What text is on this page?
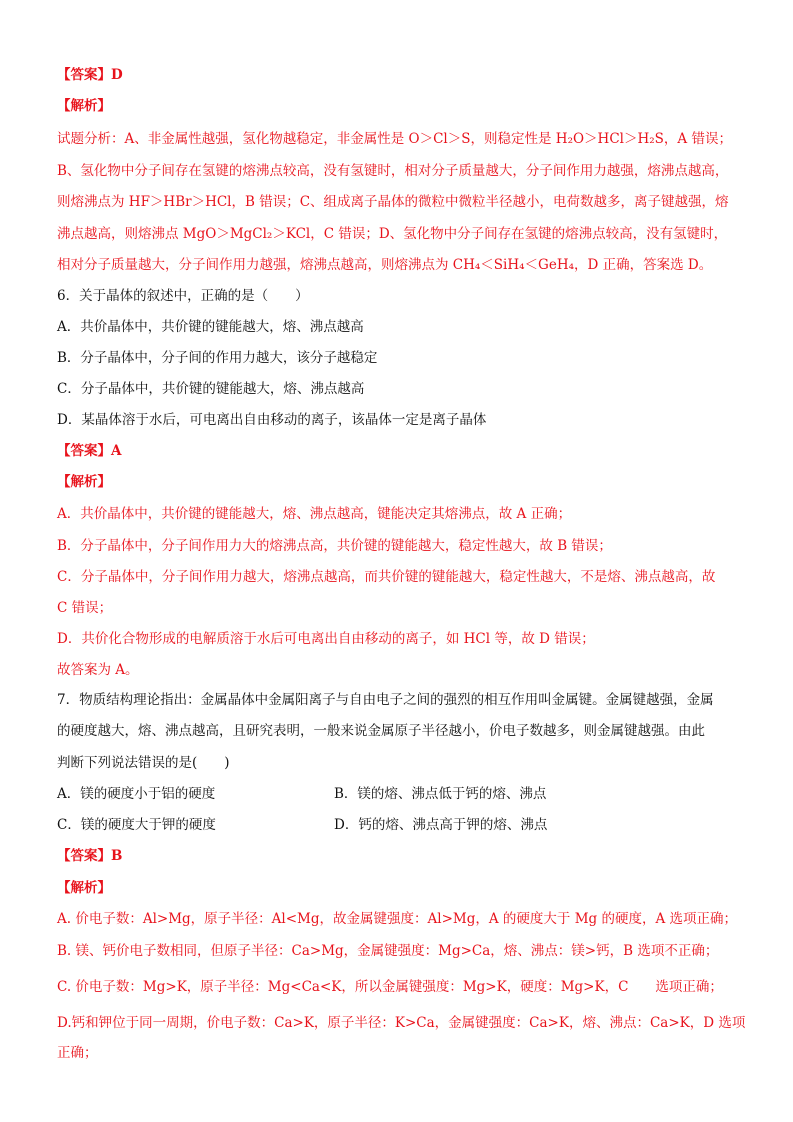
【答案】D
【解析】
试题分析：A、非金属性越强，氢化物越稳定，非金属性是 O＞Cl＞S，则稳定性是 H₂O＞HCl＞H₂S，A 错误；
B、氢化物中分子间存在氢键的熔沸点较高，没有氢键时，相对分子质量越大，分子间作用力越强，熔沸点越高，
则熔沸点为 HF＞HBr＞HCl，B 错误；C、组成离子晶体的微粒中微粒半径越小，电荷数越多，离子键越强，熔
沸点越高，则熔沸点 MgO＞MgCl₂＞KCl，C 错误；D、氢化物中分子间存在氢键的熔沸点较高，没有氢键时，
相对分子质量越大，分子间作用力越强，熔沸点越高，则熔沸点为 CH₄＜SiH₄＜GeH₄，D 正确，答案选 D。
6．关于晶体的叙述中，正确的是（　　）
A．共价晶体中，共价键的键能越大，熔、沸点越高
B．分子晶体中，分子间的作用力越大，该分子越稳定
C．分子晶体中，共价键的键能越大，熔、沸点越高
D．某晶体溶于水后，可电离出自由移动的离子，该晶体一定是离子晶体
【答案】A
【解析】
A．共价晶体中，共价键的键能越大，熔、沸点越高，键能决定其熔沸点，故 A 正确；
B．分子晶体中，分子间作用力大的熔沸点高，共价键的键能越大，稳定性越大，故 B 错误；
C．分子晶体中，分子间作用力越大，熔沸点越高，而共价键的键能越大，稳定性越大，不是熔、沸点越高，故
C 错误；
D．共价化合物形成的电解质溶于水后可电离出自由移动的离子，如 HCl 等，故 D 错误；
故答案为 A。
7．物质结构理论指出：金属晶体中金属阳离子与自由电子之间的强烈的相互作用叫金属键。金属键越强，金属
的硬度越大，熔、沸点越高，且研究表明，一般来说金属原子半径越小，价电子数越多，则金属键越强。由此
判断下列说法错误的是(　　)
A．镁的硬度小于铝的硬度	B．镁的熔、沸点低于钙的熔、沸点
C．镁的硬度大于钾的硬度	D．钙的熔、沸点高于钾的熔、沸点
【答案】B
【解析】
A. 价电子数：Al>Mg，原子半径：Al<Mg，故金属键强度：Al>Mg，A 的硬度大于 Mg 的硬度，A 选项正确；
B. 镁、钙价电子数相同，但原子半径：Ca>Mg，金属键强度：Mg>Ca，熔、沸点：镁>钙，B 选项不正确；
C. 价电子数：Mg>K，原子半径：Mg<Ca<K，所以金属键强度：Mg>K，硬度：Mg>K，C　　选项正确；
D.钙和钾位于同一周期，价电子数：Ca>K，原子半径：K>Ca，金属键强度：Ca>K，熔、沸点：Ca>K，D 选项
正确；
